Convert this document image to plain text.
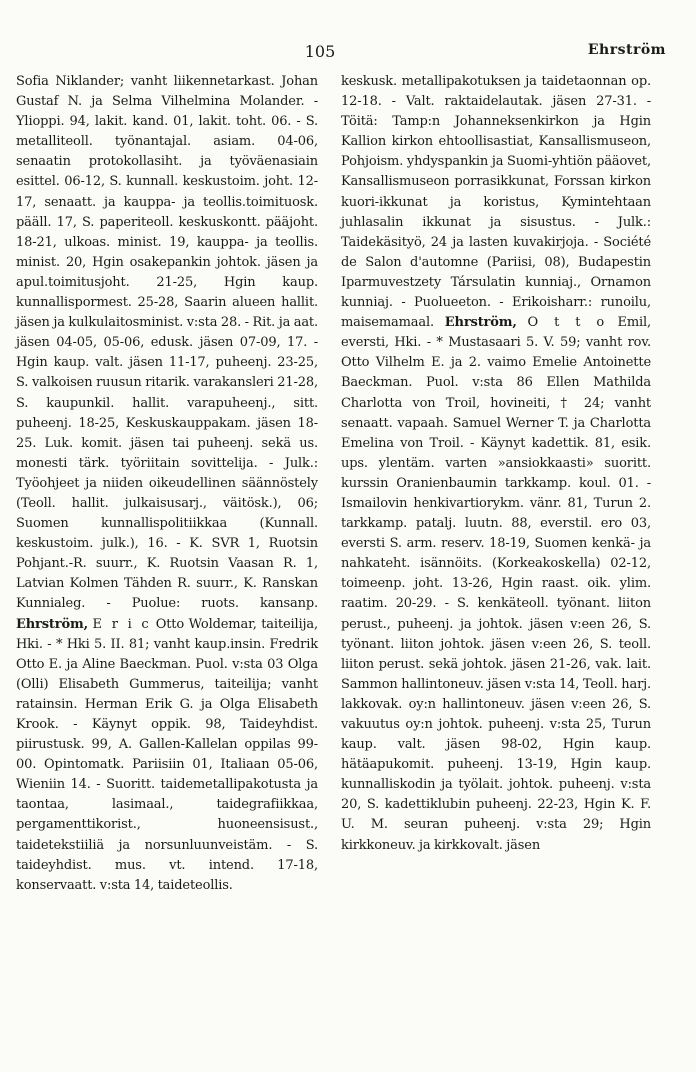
105	Ehrström
Sofia Niklander; vanht liikennetarkast. Johan Gustaf N. ja Selma Vilhelmina Molander. - Ylioppi. 94, lakit. kand. 01, lakit. toht. 06. - S. metalliteoll. työnantajal. asiam. 04-06, senaatin protokollasiht. ja työväenasiain esittel. 06-12, S. kunnall. keskustoim. joht. 12-17, senaatt. ja kauppa- ja teollis.toimituosk. pääll. 17, S. paperiteoll. keskuskontt. pääjoht. 18-21, ulkoas. minist. 19, kauppa- ja teollis. minist. 20, Hgin osakepankin johtok. jäsen ja apul.toimitusjoht. 21-25, Hgin kaup. kunnallispormest. 25-28, Saarin alueen hallit. jäsen ja kulkulaitosminist. v:sta 28. - Rit. ja aat. jäsen 04-05, 05-06, edusk. jäsen 07-09, 17. - Hgin kaup. valt. jäsen 11-17, puheenj. 23-25, S. valkoisen ruusun ritarik. varakansleri 21-28, S. kaupunkil. hallit. varapuheenj., sitt. puheenj. 18-25, Keskuskauppakam. jäsen 18-25. Luk. komit. jäsen tai puheenj. sekä us. monesti tärk. työriitain sovittelija. - Julk.: Työohjeet ja niiden oikeudellinen säännöstely (Teoll. hallit. julkaisusarj., väitösk.), 06; Suomen kunnallispolitiikkaa (Kunnall. keskustoim. julk.), 16. - K. SVR 1, Ruotsin Pohjant.-R. suurr., K. Ruotsin Vaasan R. 1, Latvian Kolmen Tähden R. suurr., K. Ranskan Kunnialeg. - Puolue: ruots. kansanp. Ehrström, E r i c Otto Woldemar, taiteilija, Hki. - * Hki 5. II. 81; vanht kaup.insin. Fredrik Otto E. ja Aline Baeckman. Puol. v:sta 03 Olga (Olli) Elisabeth Gummerus, taiteilija; vanht ratainsin. Herman Erik G. ja Olga Elisabeth Krook. - Käynyt oppik. 98, Taideyhdist. piirustusk. 99, A. Gallen-Kallelan oppilas 99-00. Opintomatk. Pariisiin 01, Italiaan 05-06, Wieniin 14. - Suoritt. taidemetallipakotusta ja taontaa, lasimaal., taidegrafiikkaa, pergamenttikorist., huoneensisust., taidetekstiiliä ja norsunluunveistäm. - S. taideyhdist. mus. vt. intend. 17-18, konservaatt. v:sta 14, taideteollis.
keskusk. metallipakotuksen ja taidetaonnan op. 12-18. - Valt. raktaidelautak. jäsen 27-31. - Töitä: Tamp:n Johanneksenkirkon ja Hgin Kallion kirkon ehtoollisastiat, Kansallismuseon, Pohjoism. yhdyspankin ja Suomi-yhtiön pääovet, Kansallismuseon porrasikkunat, Forssan kirkon kuori-ikkunat ja koristus, Kymintehtaan juhlasalin ikkunat ja sisustus. - Julk.: Taidekäsityö, 24 ja lasten kuvakirjoja. - Société de Salon d'automne (Pariisi, 08), Budapestin Iparmuvestzety Társulatin kunniaj., Ornamon kunniaj. - Puolueeton. - Erikoisharr.: runoilu, maisemamaal. Ehrström, O t t o Emil, eversti, Hki. - * Mustasaari 5. V. 59; vanht rov. Otto Vilhelm E. ja 2. vaimo Emelie Antoinette Baeckman. Puol. v:sta 86 Ellen Mathilda Charlotta von Troil, hovineiti, † 24; vanht senaatt. vapaah. Samuel Werner T. ja Charlotta Emelina von Troil. - Käynyt kadettik. 81, esik. ups. ylentäm. varten »ansiokkaasti» suoritt. kurssin Oranienbaumin tarkkamp. koul. 01. - Ismailovin henkivartiorykm. vänr. 81, Turun 2. tarkkamp. patalj. luutn. 88, everstil. ero 03, eversti S. arm. reserv. 18-19, Suomen kenkä- ja nahkateht. isännöits. (Korkeakoskella) 02-12, toimeenp. joht. 13-26, Hgin raast. oik. ylim. raatim. 20-29. - S. kenkäteoll. työnant. liiton perust., puheenj. ja johtok. jäsen v:een 26, S. työnant. liiton johtok. jäsen v:een 26, S. teoll. liiton perust. sekä johtok. jäsen 21-26, vak. lait. Sammon hallintoneuv. jäsen v:sta 14, Teoll. harj. lakkovak. oy:n hallintoneuv. jäsen v:een 26, S. vakuutus oy:n johtok. puheenj. v:sta 25, Turun kaup. valt. jäsen 98-02, Hgin kaup. hätäapukomit. puheenj. 13-19, Hgin kaup. kunnalliskodin ja työlait. johtok. puheenj. v:sta 20, S. kadettiklubin puheenj. 22-23, Hgin K. F. U. M. seuran puheenj. v:sta 29; Hgin kirkkoneuv. ja kirkkovalt. jäsen
